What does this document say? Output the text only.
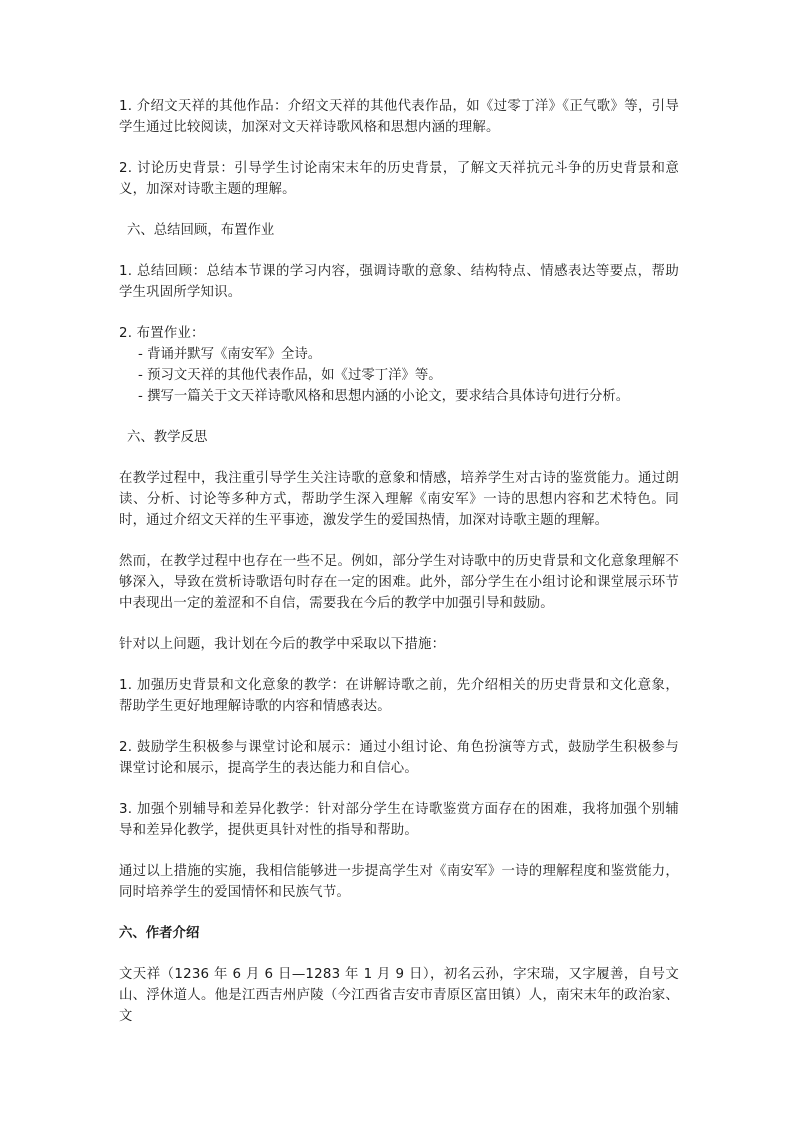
1. 介绍文天祥的其他作品：介绍文天祥的其他代表作品，如《过零丁洋》《正气歌》等，引导学生通过比较阅读，加深对文天祥诗歌风格和思想内涵的理解。

2. 讨论历史背景：引导学生讨论南宋末年的历史背景，了解文天祥抗元斗争的历史背景和意义，加深对诗歌主题的理解。

六、总结回顾，布置作业

1. 总结回顾：总结本节课的学习内容，强调诗歌的意象、结构特点、情感表达等要点，帮助学生巩固所学知识。

2. 布置作业：

- 背诵并默写《南安军》全诗。
- 预习文天祥的其他代表作品，如《过零丁洋》等。
- 撰写一篇关于文天祥诗歌风格和思想内涵的小论文，要求结合具体诗句进行分析。

六、教学反思

在教学过程中，我注重引导学生关注诗歌的意象和情感，培养学生对古诗的鉴赏能力。通过朗读、分析、讨论等多种方式，帮助学生深入理解《南安军》一诗的思想内容和艺术特色。同时，通过介绍文天祥的生平事迹，激发学生的爱国热情，加深对诗歌主题的理解。

然而，在教学过程中也存在一些不足。例如，部分学生对诗歌中的历史背景和文化意象理解不够深入，导致在赏析诗歌语句时存在一定的困难。此外，部分学生在小组讨论和课堂展示环节中表现出一定的羞涩和不自信，需要我在今后的教学中加强引导和鼓励。

针对以上问题，我计划在今后的教学中采取以下措施：

1. 加强历史背景和文化意象的教学：在讲解诗歌之前，先介绍相关的历史背景和文化意象，帮助学生更好地理解诗歌的内容和情感表达。

2. 鼓励学生积极参与课堂讨论和展示：通过小组讨论、角色扮演等方式，鼓励学生积极参与课堂讨论和展示，提高学生的表达能力和自信心。

3. 加强个别辅导和差异化教学：针对部分学生在诗歌鉴赏方面存在的困难，我将加强个别辅导和差异化教学，提供更具针对性的指导和帮助。

通过以上措施的实施，我相信能够进一步提高学生对《南安军》一诗的理解程度和鉴赏能力，同时培养学生的爱国情怀和民族气节。

六、作者介绍

文天祥（1236 年 6 月 6 日—1283 年 1 月 9 日），初名云孙，字宋瑞，又字履善，自号文山、浮休道人。他是江西吉州庐陵（今江西省吉安市青原区富田镇）人，南宋末年的政治家、文
